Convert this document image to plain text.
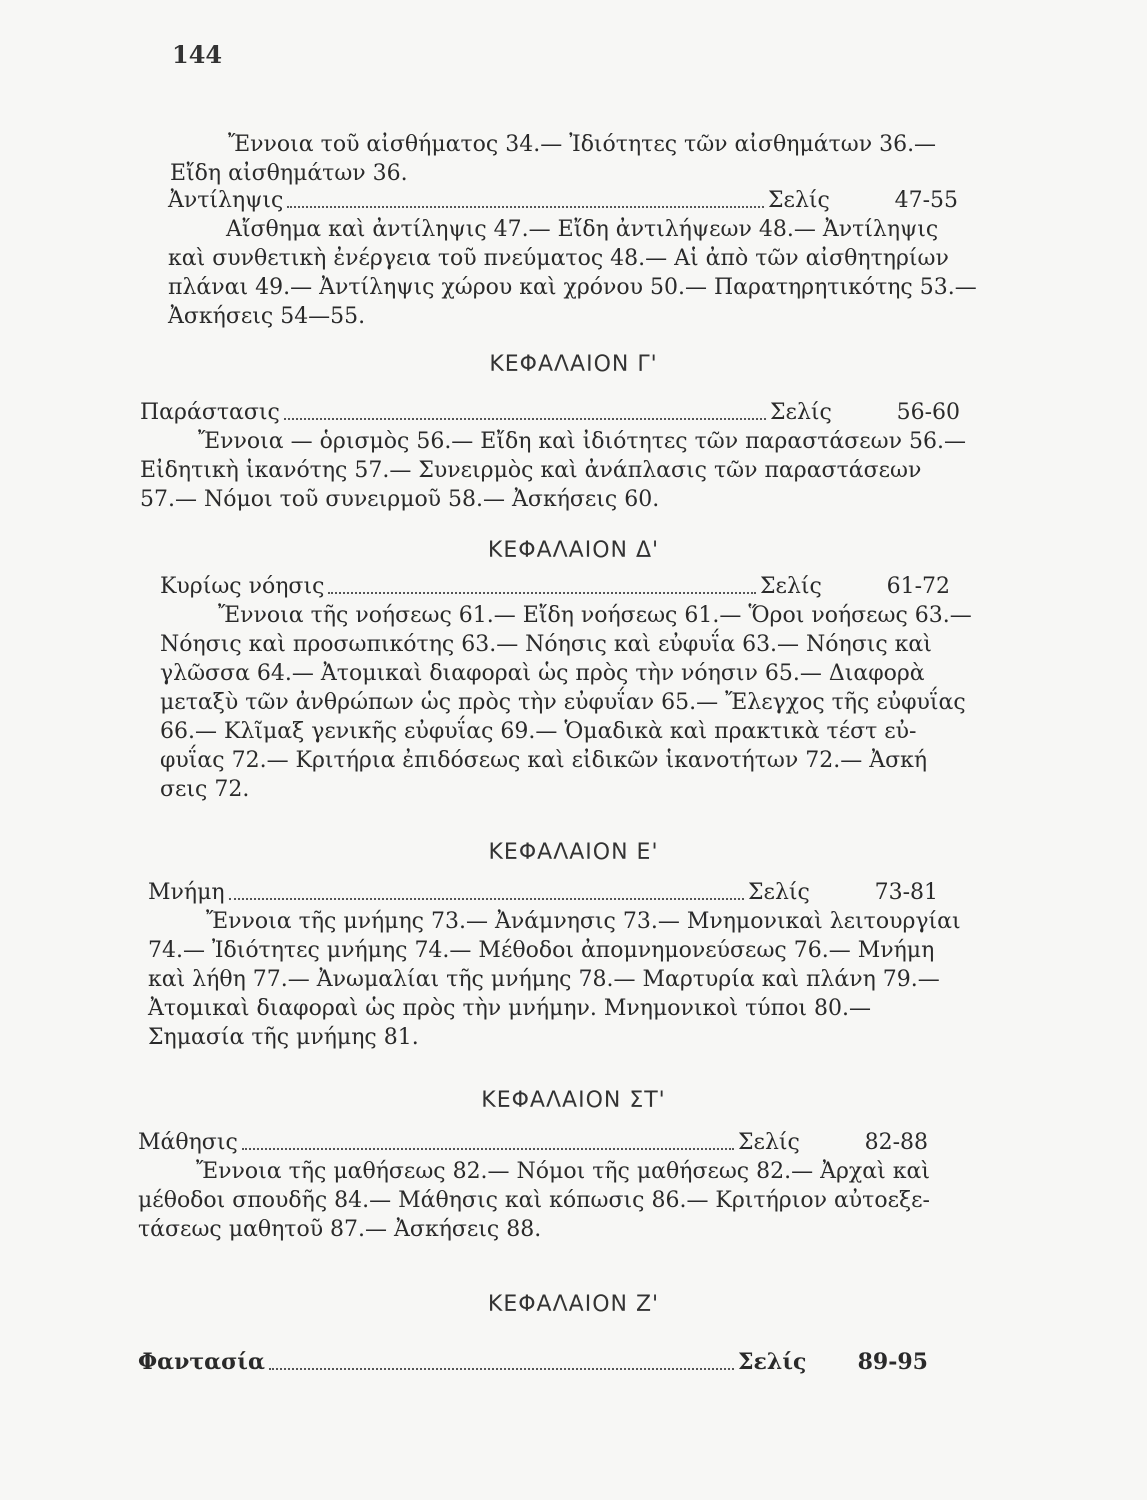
144
Ἔννοια τοῦ αἰσθήματος 34.— Ἰδιότητες τῶν αἰσθημάτων 36.—
Εἴδη αἰσθημάτων 36.
Ἀντίληψις	Σελίς	47-55
Αἴσθημα καὶ ἀντίληψις 47.— Εἴδη ἀντιλήψεων 48.— Ἀντίληψις
καὶ συνθετικὴ ἐνέργεια τοῦ πνεύματος 48.— Αἱ ἀπὸ τῶν αἰσθητηρίων
πλάναι 49.— Ἀντίληψις χώρου καὶ χρόνου 50.— Παρατηρητικότης 53.—
Ἀσκήσεις 54—55.
ΚΕΦΑΛΑΙΟΝ Γ'
Παράστασις	Σελίς	56-60
Ἔννοια — ὁρισμὸς 56.— Εἴδη καὶ ἰδιότητες τῶν παραστάσεων 56.—
Εἰδητικὴ ἱκανότης 57.— Συνειρμὸς καὶ ἀνάπλασις τῶν παραστάσεων
57.— Νόμοι τοῦ συνειρμοῦ 58.— Ἀσκήσεις 60.
ΚΕΦΑΛΑΙΟΝ Δ'
Κυρίως νόησις	Σελίς	61-72
Ἔννοια τῆς νοήσεως 61.— Εἴδη νοήσεως 61.— Ὅροι νοήσεως 63.—
Νόησις καὶ προσωπικότης 63.— Νόησις καὶ εὐφυΐα 63.— Νόησις καὶ
γλῶσσα 64.— Ἀτομικαὶ διαφοραὶ ὡς πρὸς τὴν νόησιν 65.— Διαφορὰ
μεταξὺ τῶν ἀνθρώπων ὡς πρὸς τὴν εὐφυΐαν 65.— Ἔλεγχος τῆς εὐφυΐας
66.— Κλῖμαξ γενικῆς εὐφυΐας 69.— Ὁμαδικὰ καὶ πρακτικὰ τέστ εὐ-
φυΐας 72.— Κριτήρια ἐπιδόσεως καὶ εἰδικῶν ἱκανοτήτων 72.— Ἀσκή
σεις 72.
ΚΕΦΑΛΑΙΟΝ Ε'
Μνήμη	Σελίς	73-81
Ἔννοια τῆς μνήμης 73.— Ἀνάμνησις 73.— Μνημονικαὶ λειτουργίαι
74.— Ἰδιότητες μνήμης 74.— Μέθοδοι ἀπομνημονεύσεως 76.— Μνήμη
καὶ λήθη 77.— Ἀνωμαλίαι τῆς μνήμης 78.— Μαρτυρία καὶ πλάνη 79.—
Ἀτομικαὶ διαφοραὶ ὡς πρὸς τὴν μνήμην. Μνημονικοὶ τύποι 80.—
Σημασία τῆς μνήμης 81.
ΚΕΦΑΛΑΙΟΝ ΣΤ'
Μάθησις	Σελίς	82-88
Ἔννοια τῆς μαθήσεως 82.— Νόμοι τῆς μαθήσεως 82.— Ἀρχαὶ καὶ
μέθοδοι σπουδῆς 84.— Μάθησις καὶ κόπωσις 86.— Κριτήριον αὐτοεξε-
τάσεως μαθητοῦ 87.— Ἀσκήσεις 88.
ΚΕΦΑΛΑΙΟΝ Ζ'
Φαντασία	Σελίς	89-95
